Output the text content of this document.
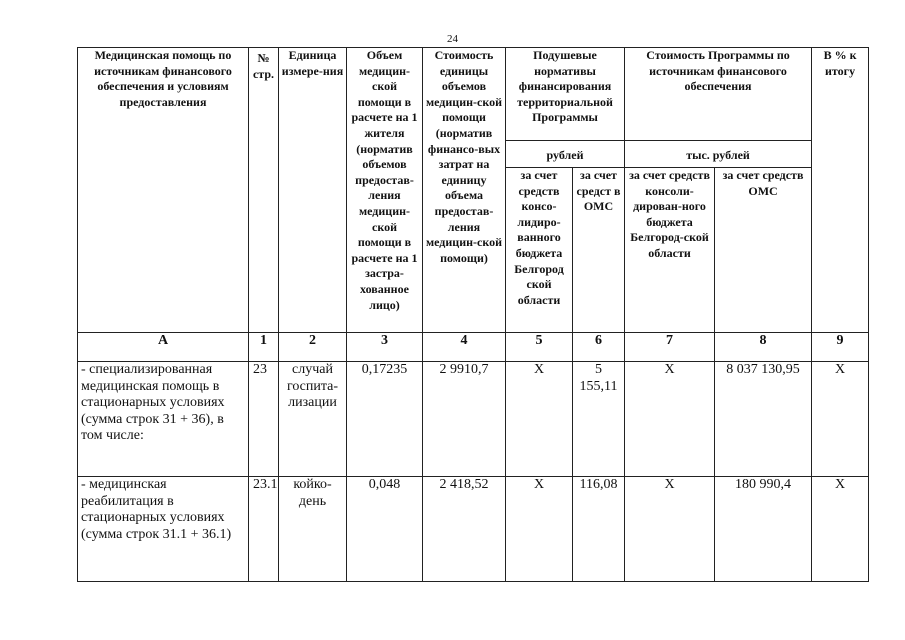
24
Медицинская помощь по источникам финансового обеспечения и условиям предоставления	№ стр.	Единица измере-ния	Объем медицин-ской помощи в расчете на 1 жителя (норматив объемов предостав-ления медицин-ской помощи в расчете на 1 застра-хованное лицо)	Стоимость единицы объемов медицин-ской помощи (норматив финансо-вых затрат на единицу объема предостав-ления медицин-ской помощи)	Подушевые нормативы финансирования территориальной Программы		Стоимость Программы по источникам финансового обеспечения		В % к итогу
					рублей		тыс. рублей		
					за счет средств консо-лидиро-ванного бюджета Белгород ской области	за счет средст в ОМС	за счет средств консоли-дирован-ного бюджета Белгород-ской области	за счет средств ОМС	
А	1	2	3	4	5	6	7	8	9
- специализированная медицинская помощь в стационарных условиях (сумма строк 31 + 36), в том числе:	23	случай госпита-лизации	0,17235	2 9910,7	Х	5 155,11	Х	8 037 130,95	Х
- медицинская реабилитация в стационарных условиях (сумма строк 31.1 + 36.1)	23.1	койко-день	0,048	2 418,52	Х	116,08	Х	180 990,4	Х
